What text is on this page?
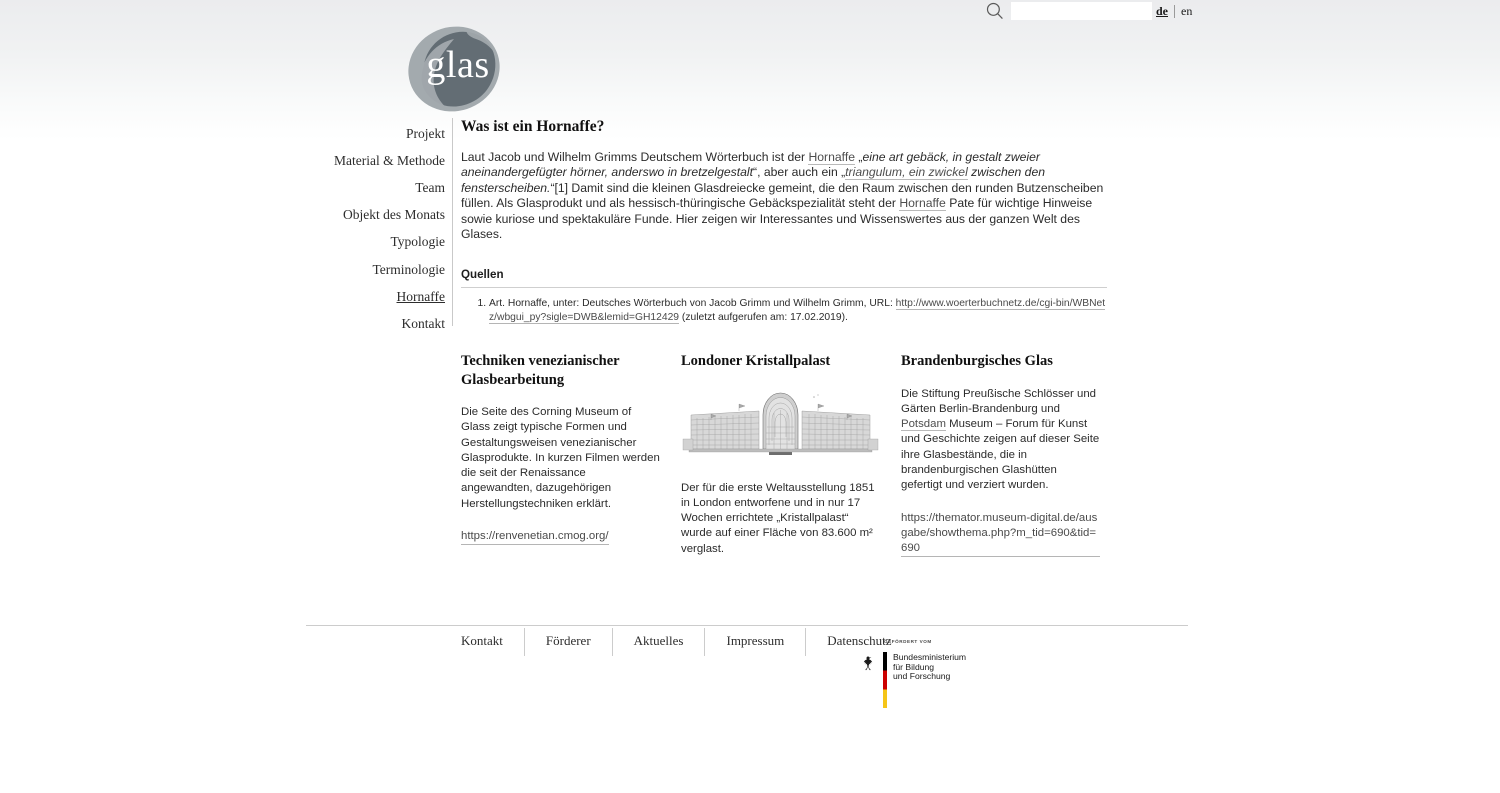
de	en
glas
Projekt
Material & Methode
Team
Objekt des Monats
Typologie
Terminologie
Hornaffe
Kontakt
Was ist ein Hornaffe?

Laut Jacob und Wilhelm Grimms Deutschem Wörterbuch ist der Hornaffe „eine art gebäck, in gestalt zweier aneinandergefügter hörner, anderswo in bretzelgestalt“, aber auch ein „triangulum, ein zwickel zwischen den fensterscheiben.“[1] Damit sind die kleinen Glasdreiecke gemeint, die den Raum zwischen den runden Butzenscheiben füllen. Als Glasprodukt und als hessisch-thüringische Gebäckspezialität steht der Hornaffe Pate für wichtige Hinweise sowie kuriose und spektakuläre Funde. Hier zeigen wir Interessantes und Wissenswertes aus der ganzen Welt des Glases.

Quellen
1. Art. Hornaffe, unter: Deutsches Wörterbuch von Jacob Grimm und Wilhelm Grimm, URL: http://www.woerterbuchnetz.de/cgi-bin/WBNetz/wbgui_py?sigle=DWB&lemid=GH12429 (zuletzt aufgerufen am: 17.02.2019).
Techniken venezianischer Glasbearbeitung

Die Seite des Corning Museum of Glass zeigt typische Formen und Gestaltungsweisen venezianischer Glasprodukte. In kurzen Filmen werden die seit der Renaissance angewandten, dazugehörigen Herstellungstechniken erklärt.

https://renvenetian.cmog.org/
Londoner Kristallpalast

Der für die erste Weltausstellung 1851 in London entworfene und in nur 17 Wochen errichtete „Kristallpalast“ wurde auf einer Fläche von 83.600 m² verglast.

Brandenburgisches Glas

Die Stiftung Preußische Schlösser und Gärten Berlin-Brandenburg und Potsdam Museum – Forum für Kunst und Geschichte zeigen auf dieser Seite ihre Glasbestände, die in brandenburgischen Glashütten gefertigt und verziert wurden.

https://themator.museum-digital.de/ausgabe/showthema.php?m_tid=690&tid=690
Kontakt	Förderer	Aktuelles	Impressum	Datenschutz
GEFÖRDERT VOM
Bundesministerium
für Bildung
und Forschung
